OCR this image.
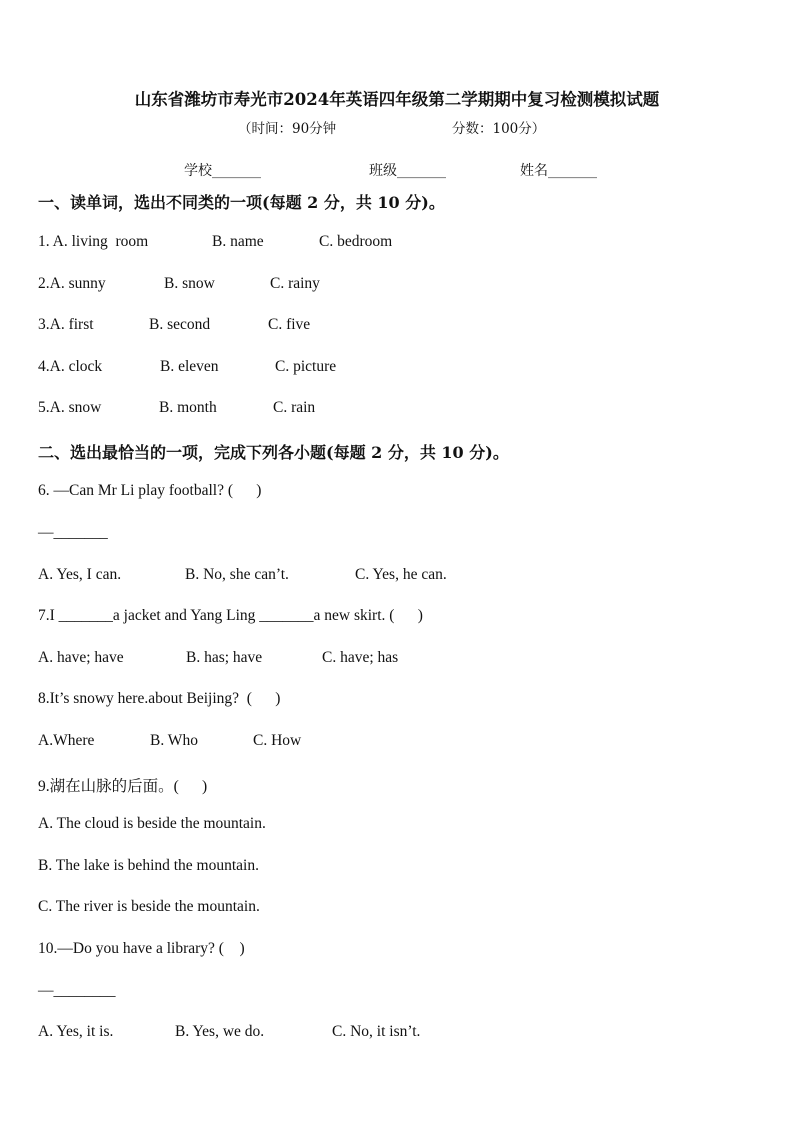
山东省潍坊市寿光市2024年英语四年级第二学期期中复习检测模拟试题
（时间：90分钟	分数：100分）
学校_______	班级_______	姓名_______
一、读单词，选出不同类的一项(每题 2 分，共 10 分)。
1. A. living  room	B. name	C. bedroom
2.A. sunny	B. snow	C. rainy
3.A. first	B. second	C. five
4.A. clock	B. eleven	C. picture
5.A. snow	B. month	C. rain
二、选出最恰当的一项，完成下列各小题(每题 2 分，共 10 分)。
6. —Can Mr Li play football? (      )
—_______
A. Yes, I can.	B. No, she can’t.	C. Yes, he can.
7.I _______a jacket and Yang Ling _______a new skirt. (      )
A. have; have	B. has; have	C. have; has
8.It’s snowy here.about Beijing?  (      )
A.Where	B. Who	C. How
9.湖在山脉的后面。(      )
A. The cloud is beside the mountain.
B. The lake is behind the mountain.
C. The river is beside the mountain.
10.—Do you have a library? (    )
—________
A. Yes, it is.	B. Yes, we do.	C. No, it isn’t.
